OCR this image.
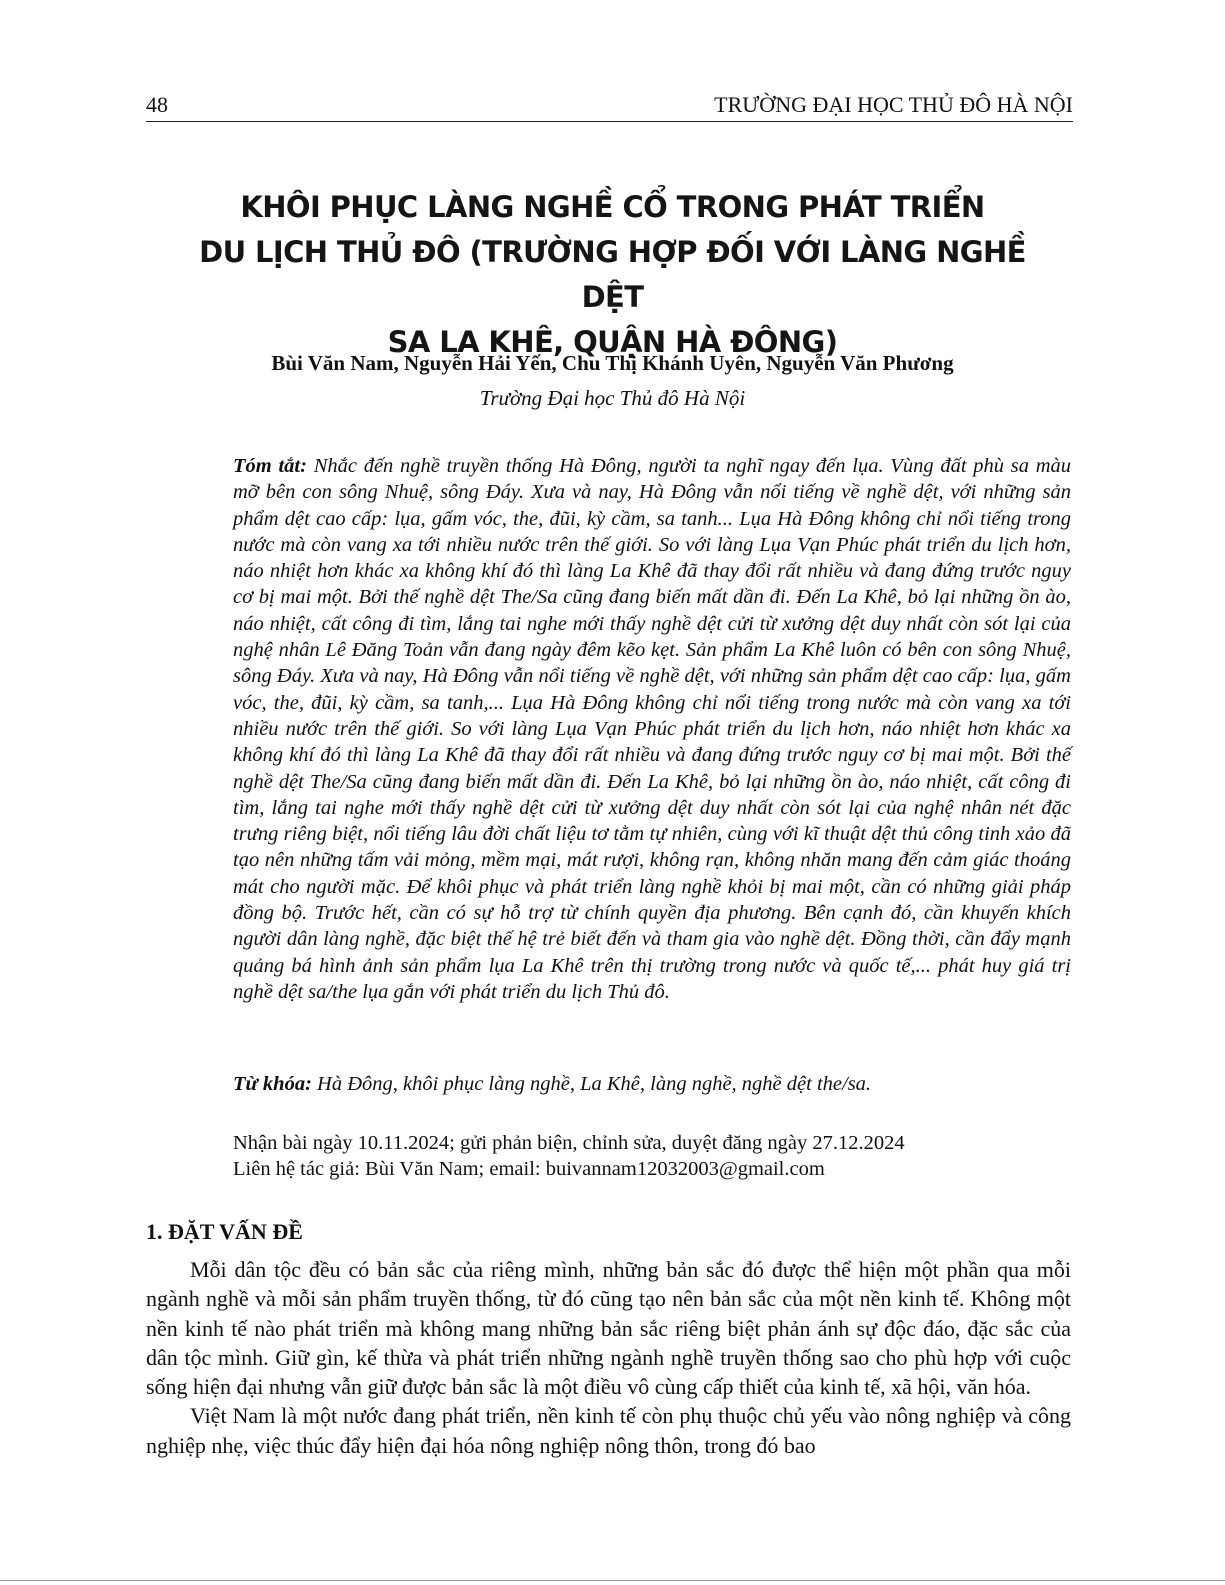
48	TRƯỜNG ĐẠI HỌC THỦ ĐÔ HÀ NỘI
KHÔI PHỤC LÀNG NGHỀ CỔ TRONG PHÁT TRIỂN
DU LỊCH THỦ ĐÔ (TRƯỜNG HỢP ĐỐI VỚI LÀNG NGHỀ DỆT
SA LA KHÊ, QUẬN HÀ ĐÔNG)
Bùi Văn Nam, Nguyễn Hải Yến, Chu Thị Khánh Uyên, Nguyễn Văn Phương
Trường Đại học Thủ đô Hà Nội

Tóm tắt: Nhắc đến nghề truyền thống Hà Đông, người ta nghĩ ngay đến lụa. Vùng đất phù sa màu mỡ bên con sông Nhuệ, sông Đáy. Xưa và nay, Hà Đông vẫn nổi tiếng về nghề dệt, với những sản phẩm dệt cao cấp: lụa, gấm vóc, the, đũi, kỳ cầm, sa tanh... Lụa Hà Đông không chỉ nổi tiếng trong nước mà còn vang xa tới nhiều nước trên thế giới. So với làng Lụa Vạn Phúc phát triển du lịch hơn, náo nhiệt hơn khác xa không khí đó thì làng La Khê đã thay đổi rất nhiều và đang đứng trước nguy cơ bị mai một. Bởi thế nghề dệt The/Sa cũng đang biến mất dần đi. Đến La Khê, bỏ lại những ồn ào, náo nhiệt, cất công đi tìm, lắng tai nghe mới thấy nghề dệt cửi từ xưởng dệt duy nhất còn sót lại của nghệ nhân Lê Đăng Toản vẫn đang ngày đêm kẽo kẹt. Sản phẩm La Khê luôn có bên con sông Nhuệ, sông Đáy. Xưa và nay, Hà Đông vẫn nổi tiếng về nghề dệt, với những sản phẩm dệt cao cấp: lụa, gấm vóc, the, đũi, kỳ cầm, sa tanh,... Lụa Hà Đông không chỉ nổi tiếng trong nước mà còn vang xa tới nhiều nước trên thế giới. So với làng Lụa Vạn Phúc phát triển du lịch hơn, náo nhiệt hơn khác xa không khí đó thì làng La Khê đã thay đổi rất nhiều và đang đứng trước nguy cơ bị mai một. Bởi thế nghề dệt The/Sa cũng đang biến mất dần đi. Đến La Khê, bỏ lại những ồn ào, náo nhiệt, cất công đi tìm, lắng tai nghe mới thấy nghề dệt cửi từ xưởng dệt duy nhất còn sót lại của nghệ nhân nét đặc trưng riêng biệt, nổi tiếng lâu đời chất liệu tơ tằm tự nhiên, cùng với kĩ thuật dệt thủ công tinh xảo đã tạo nên những tấm vải mỏng, mềm mại, mát rượi, không rạn, không nhăn mang đến cảm giác thoáng mát cho người mặc. Để khôi phục và phát triển làng nghề khỏi bị mai một, cần có những giải pháp đồng bộ. Trước hết, cần có sự hỗ trợ từ chính quyền địa phương. Bên cạnh đó, cần khuyến khích người dân làng nghề, đặc biệt thế hệ trẻ biết đến và tham gia vào nghề dệt. Đồng thời, cần đẩy mạnh quảng bá hình ảnh sản phẩm lụa La Khê trên thị trường trong nước và quốc tế,... phát huy giá trị nghề dệt sa/the lụa gắn với phát triển du lịch Thủ đô.

Từ khóa: Hà Đông, khôi phục làng nghề, La Khê, làng nghề, nghề dệt the/sa.

Nhận bài ngày 10.11.2024; gửi phản biện, chỉnh sửa, duyệt đăng ngày 27.12.2024
Liên hệ tác giả: Bùi Văn Nam; email: buivannam12032003@gmail.com
1. ĐẶT VẤN ĐỀ

Mỗi dân tộc đều có bản sắc của riêng mình, những bản sắc đó được thể hiện một phần qua mỗi ngành nghề và mỗi sản phẩm truyền thống, từ đó cũng tạo nên bản sắc của một nền kinh tế. Không một nền kinh tế nào phát triển mà không mang những bản sắc riêng biệt phản ánh sự độc đáo, đặc sắc của dân tộc mình. Giữ gìn, kế thừa và phát triển những ngành nghề truyền thống sao cho phù hợp với cuộc sống hiện đại nhưng vẫn giữ được bản sắc là một điều vô cùng cấp thiết của kinh tế, xã hội, văn hóa.

Việt Nam là một nước đang phát triển, nền kinh tế còn phụ thuộc chủ yếu vào nông nghiệp và công nghiệp nhẹ, việc thúc đẩy hiện đại hóa nông nghiệp nông thôn, trong đó bao
